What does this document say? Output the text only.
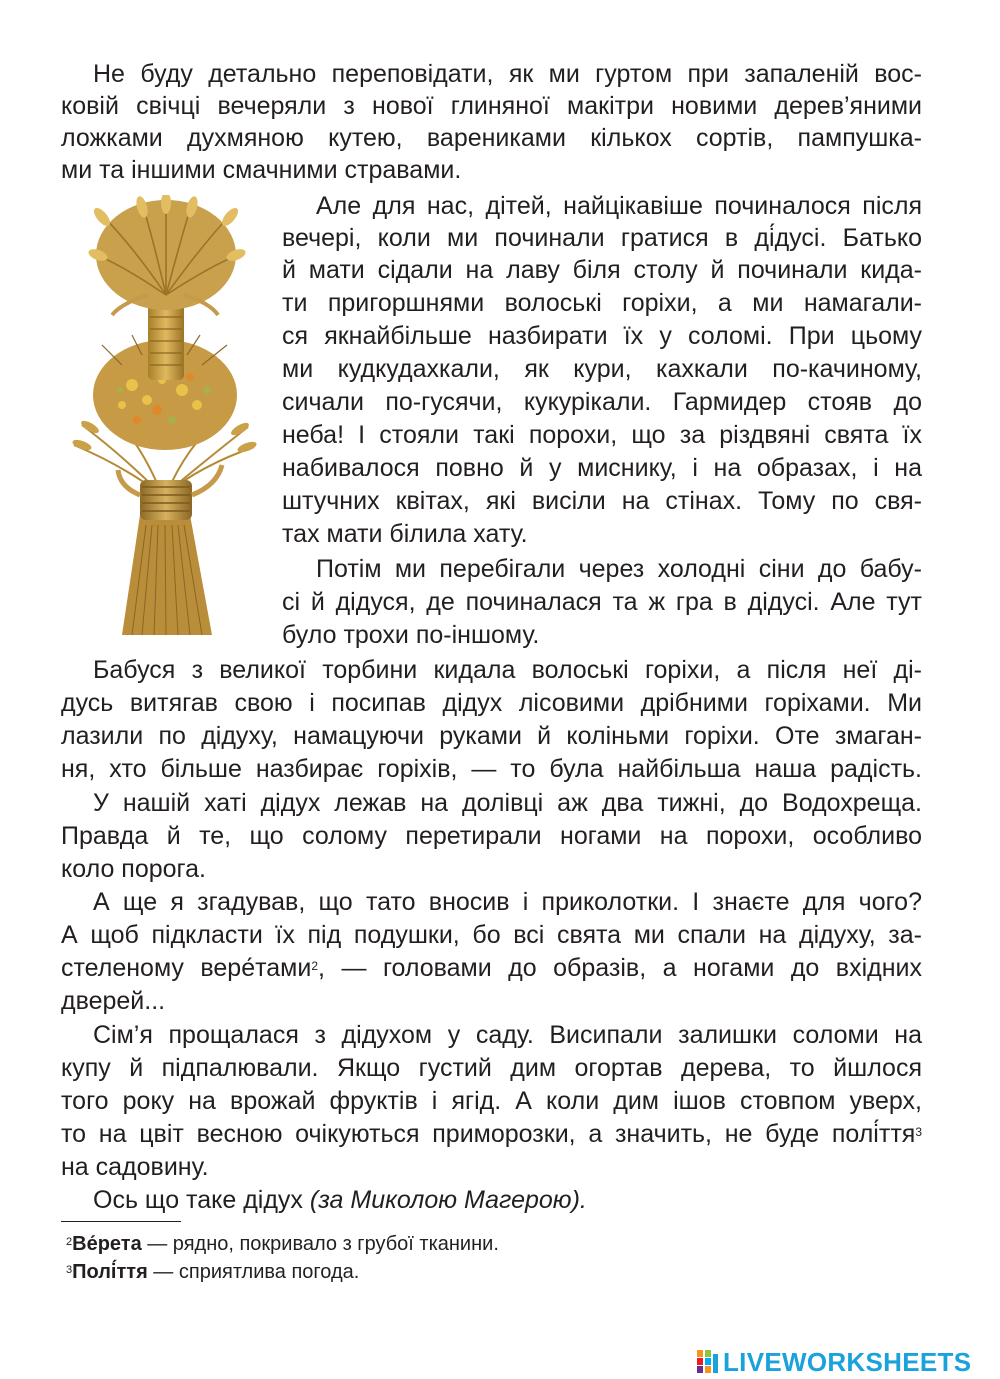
Не буду детально переповідати, як ми гуртом при запаленій вос-
ковій свічці вечеряли з нової глиняної макітри новими дерев’яними
ложками духмяною кутею, варениками кількох сортів, пампушка-
ми та іншими смачними стравами.
Але для нас, дітей, найцікавіше починалося після
вечері, коли ми починали гратися в ді́дусі. Батько
й мати сідали на лаву біля столу й починали кида-
ти пригоршнями волоські горіхи, а ми намагали-
ся якнайбільше назбирати їх у соломі. При цьому
ми кудкудахкали, як кури, кахкали по-качиному,
сичали по-гусячи, кукурікали. Гармидер стояв до
неба! І стояли такі порохи, що за різдвяні свята їх
набивалося повно й у миснику, і на образах, і на
штучних квітах, які висіли на стінах. Тому по свя-
тах мати білила хату.
Потім ми перебігали через холодні сіни до бабу-
сі й дідуся, де починалася та ж гра в дідусі. Але тут
було трохи по-іншому.
Бабуся з великої торбини кидала волоські горіхи, а після неї ді-
дусь витягав свою і посипав дідух лісовими дрібними горіхами. Ми
лазили по дідуху, намацуючи руками й коліньми горіхи. Оте змаган-
ня, хто більше назбирає горіхів, — то була найбільша наша радість.
У нашій хаті дідух лежав на долівці аж два тижні, до Водохреща.
Правда й те, що солому перетирали ногами на порохи, особливо
коло порога.
А ще я згадував, що тато вносив і приколотки. І знаєте для чого?
А щоб підкласти їх під подушки, бо всі свята ми спали на дідуху, за-
стеленому вере́тами$^2$, — головами до образів, а ногами до вхідних
дверей...
Сім’я прощалася з дідухом у саду. Висипали залишки соломи на
купу й підпалювали. Якщо густий дим огортав дерева, то йшлося
того року на врожай фруктів і ягід. А коли дим ішов стовпом уверх,
то на цвіт весною очікуються приморозки, а значить, не буде полі́ття$^3$
на садовину.
Ось що таке дідух (за Миколою Магерою).
$^2$Ве́рета — рядно, покривало з грубої тканини.
$^3$Полі́ття — сприятлива погода.
LIVEWORKSHEETS
